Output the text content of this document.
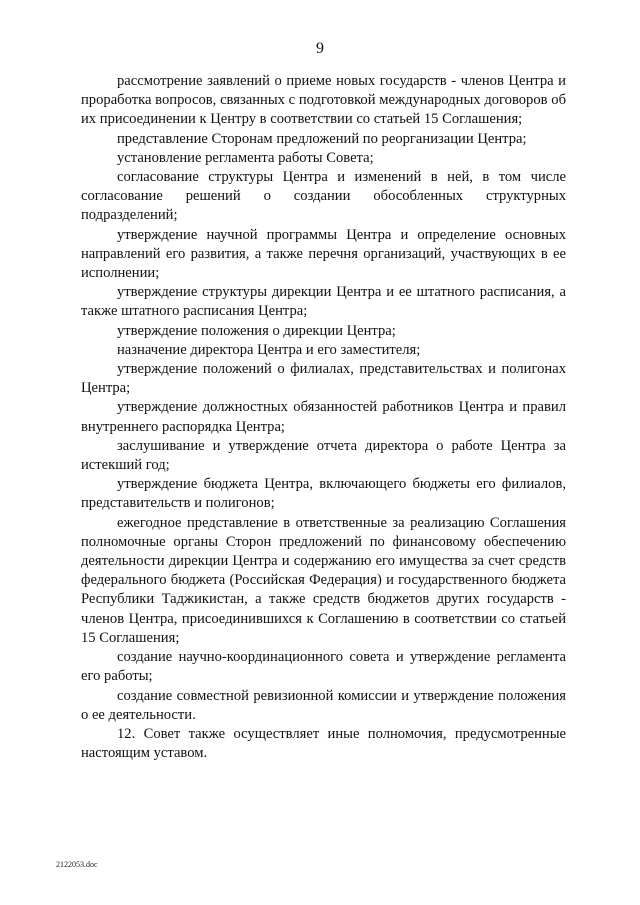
9

рассмотрение заявлений о приеме новых государств - членов Центра и проработка вопросов, связанных с подготовкой международных договоров об их присоединении к Центру в соответствии со статьей 15 Соглашения;

представление Сторонам предложений по реорганизации Центра;

установление регламента работы Совета;

согласование структуры Центра и изменений в ней, в том числе согласование решений о создании обособленных структурных подразделений;

утверждение научной программы Центра и определение основных направлений его развития, а также перечня организаций, участвующих в ее исполнении;

утверждение структуры дирекции Центра и ее штатного расписания, а также штатного расписания Центра;

утверждение положения о дирекции Центра;

назначение директора Центра и его заместителя;

утверждение положений о филиалах, представительствах и полигонах Центра;

утверждение должностных обязанностей работников Центра и правил внутреннего распорядка Центра;

заслушивание и утверждение отчета директора о работе Центра за истекший год;

утверждение бюджета Центра, включающего бюджеты его филиалов, представительств и полигонов;

ежегодное представление в ответственные за реализацию Соглашения полномочные органы Сторон предложений по финансовому обеспечению деятельности дирекции Центра и содержанию его имущества за счет средств федерального бюджета (Российская Федерация) и государственного бюджета Республики Таджикистан, а также средств бюджетов других государств - членов Центра, присоединившихся к Соглашению в соответствии со статьей 15 Соглашения;

создание научно-координационного совета и утверждение регламента его работы;

создание совместной ревизионной комиссии и утверждение положения о ее деятельности.

12. Совет также осуществляет иные полномочия, предусмотренные настоящим уставом.

2122053.doc
